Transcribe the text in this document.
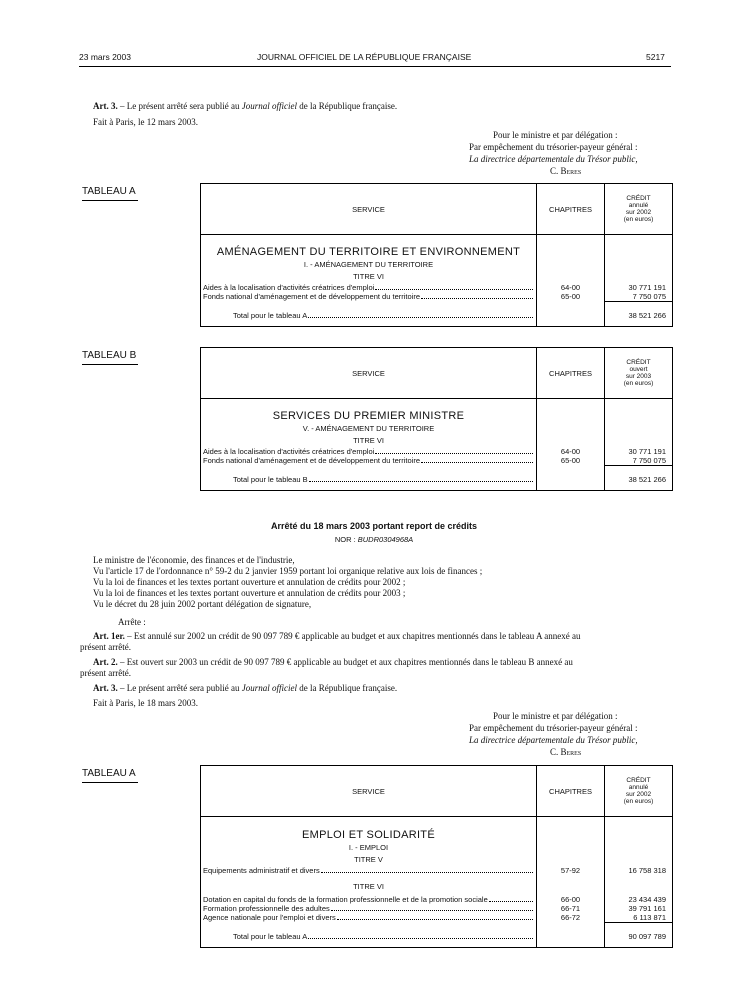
23 mars 2003	JOURNAL OFFICIEL DE LA RÉPUBLIQUE FRANÇAISE	5217
Art. 3. – Le présent arrêté sera publié au Journal officiel de la République française.
Fait à Paris, le 12 mars 2003.
Pour le ministre et par délégation :
Par empêchement du trésorier-payeur général :
La directrice départementale du Trésor public,
C. Beres
TABLEAU A
SERVICE	CHAPITRES	CRÉDIT
annulé
sur 2002
(en euros)

AMÉNAGEMENT DU TERRITOIRE ET ENVIRONNEMENT
I. - AMÉNAGEMENT DU TERRITOIRE
TITRE VI		

Aides à la localisation d'activités créatrices d'emploi	64-00	30 771 191

Fonds national d'aménagement et de développement du territoire	65-00	7 750 075

Total pour le tableau A		38 521 266
TABLEAU B
SERVICE	CHAPITRES	CRÉDIT
ouvert
sur 2003
(en euros)

SERVICES DU PREMIER MINISTRE
V. - AMÉNAGEMENT DU TERRITOIRE
TITRE VI		

Aides à la localisation d'activités créatrices d'emploi	64-00	30 771 191

Fonds national d'aménagement et de développement du territoire	65-00	7 750 075

Total pour le tableau B		38 521 266
Arrêté du 18 mars 2003 portant report de crédits
NOR : BUDR0304968A
Le ministre de l'économie, des finances et de l'industrie,
Vu l'article 17 de l'ordonnance n° 59-2 du 2 janvier 1959 portant loi organique relative aux lois de finances ;
Vu la loi de finances et les textes portant ouverture et annulation de crédits pour 2002 ;
Vu la loi de finances et les textes portant ouverture et annulation de crédits pour 2003 ;
Vu le décret du 28 juin 2002 portant délégation de signature,
Arrête :
Art. 1er. – Est annulé sur 2002 un crédit de 90 097 789 € applicable au budget et aux chapitres mentionnés dans le tableau A annexé au
présent arrêté.
Art. 2. – Est ouvert sur 2003 un crédit de 90 097 789 € applicable au budget et aux chapitres mentionnés dans le tableau B annexé au
présent arrêté.
Art. 3. – Le présent arrêté sera publié au Journal officiel de la République française.
Fait à Paris, le 18 mars 2003.
Pour le ministre et par délégation :
Par empêchement du trésorier-payeur général :
La directrice départementale du Trésor public,
C. Beres
TABLEAU A
SERVICE	CHAPITRES	CRÉDIT
annulé
sur 2002
(en euros)

EMPLOI ET SOLIDARITÉ
I. - EMPLOI
TITRE V		

Equipements administratif et divers	57-92	16 758 318

TITRE VI		

Dotation en capital du fonds de la formation professionnelle et de la promotion sociale	66-00	23 434 439

Formation professionnelle des adultes	66-71	39 791 161

Agence nationale pour l'emploi et divers	66-72	6 113 871

Total pour le tableau A		90 097 789
